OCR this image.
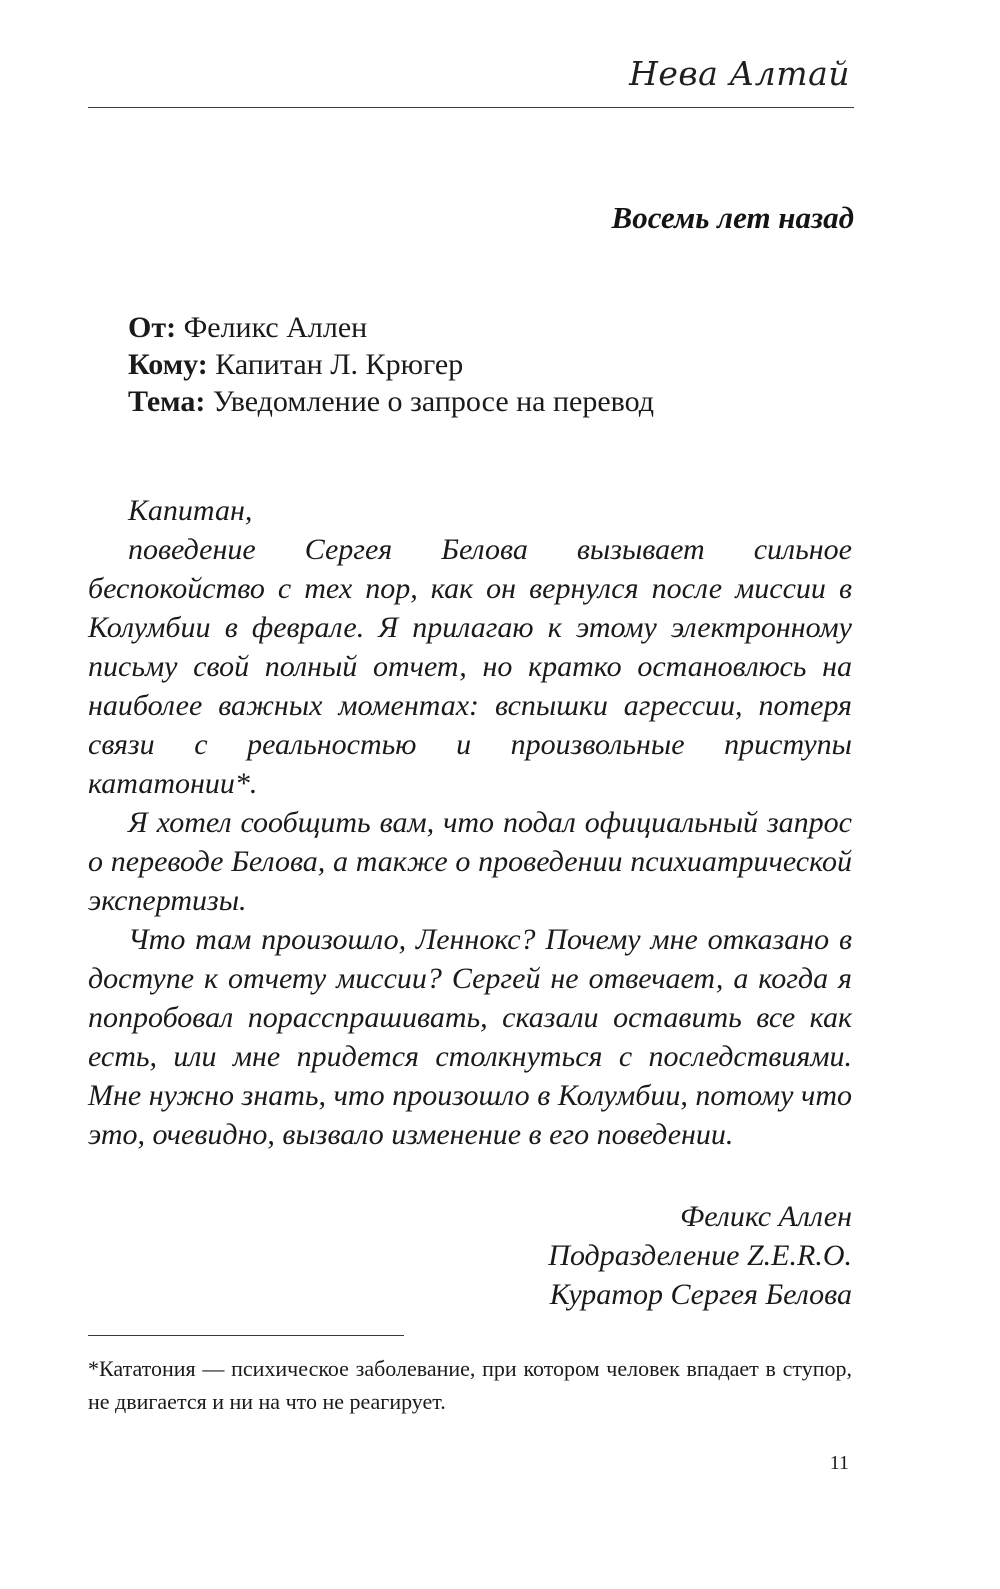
Нева Алтай
Восемь лет назад
От: Феликс Аллен
Кому: Капитан Л. Крюгер
Тема: Уведомление о запросе на перевод

Капитан,

поведение Сергея Белова вызывает сильное беспокойство с тех пор, как он вернулся после миссии в Колумбии в феврале. Я прилагаю к этому электронному письму свой полный отчет, но кратко остановлюсь на наиболее важных моментах: вспышки агрессии, потеря связи с реальностью и произвольные приступы кататонии*.

Я хотел сообщить вам, что подал официальный запрос о переводе Белова, а также о проведении психиатрической экспертизы.

Что там произошло, Леннокс? Почему мне отказано в доступе к отчету миссии? Сергей не отвечает, а когда я попробовал порасспрашивать, сказали оставить все как есть, или мне придется столкнуться с последствиями. Мне нужно знать, что произошло в Колумбии, потому что это, очевидно, вызвало изменение в его поведении.

Феликс Аллен
Подразделение Z.E.R.O.
Куратор Сергея Белова
*Кататония — психическое заболевание, при котором человек впадает в ступор, не двигается и ни на что не реагирует.
11
